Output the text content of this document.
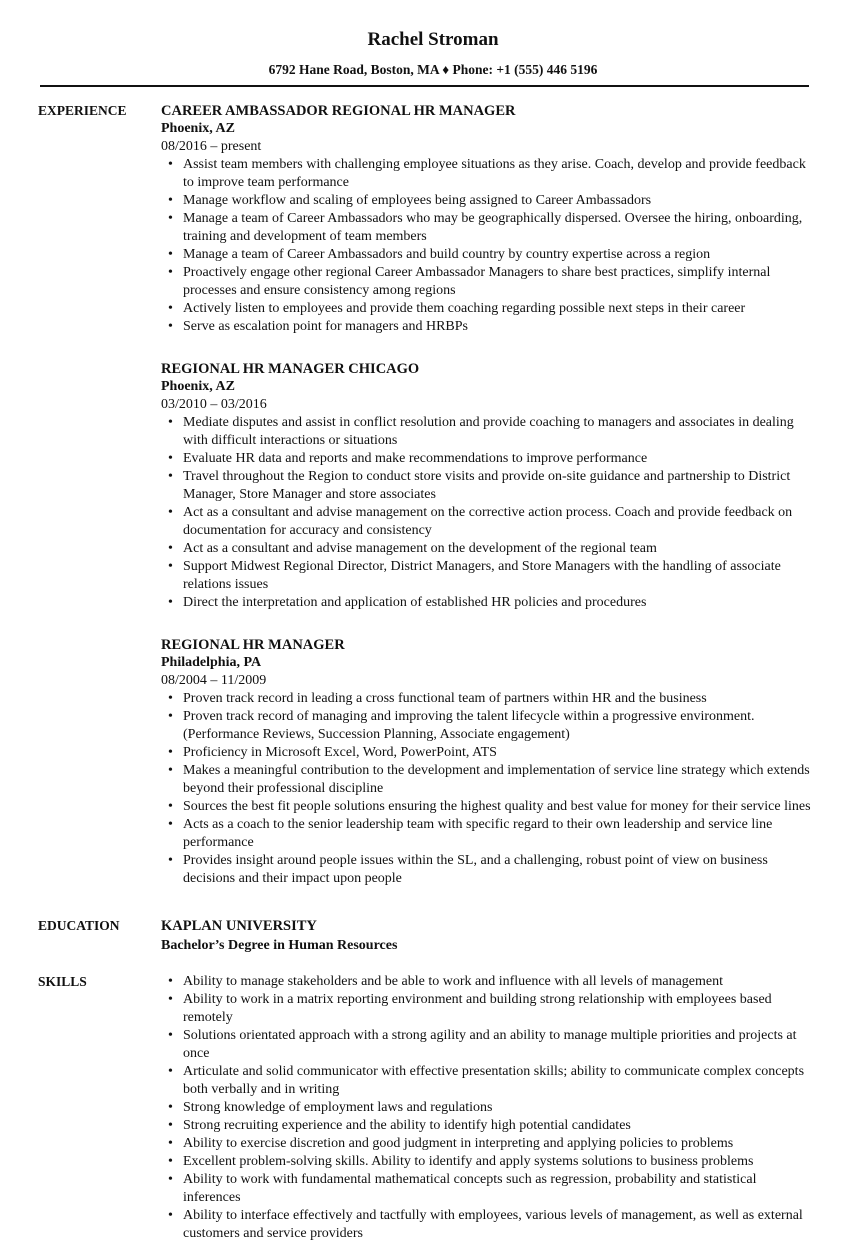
Rachel Stroman
6792 Hane Road, Boston, MA ♦ Phone: +1 (555) 446 5196
EXPERIENCE	CAREER AMBASSADOR REGIONAL HR MANAGER
Phoenix, AZ
08/2016 – present
• Assist team members with challenging employee situations as they arise. Coach, develop and provide feedback to improve team performance
• Manage workflow and scaling of employees being assigned to Career Ambassadors
• Manage a team of Career Ambassadors who may be geographically dispersed. Oversee the hiring, onboarding, training and development of team members
• Manage a team of Career Ambassadors and build country by country expertise across a region
• Proactively engage other regional Career Ambassador Managers to share best practices, simplify internal processes and ensure consistency among regions
• Actively listen to employees and provide them coaching regarding possible next steps in their career
• Serve as escalation point for managers and HRBPs
REGIONAL HR MANAGER CHICAGO
Phoenix, AZ
03/2010 – 03/2016
• Mediate disputes and assist in conflict resolution and provide coaching to managers and associates in dealing with difficult interactions or situations
• Evaluate HR data and reports and make recommendations to improve performance
• Travel throughout the Region to conduct store visits and provide on-site guidance and partnership to District Manager, Store Manager and store associates
• Act as a consultant and advise management on the corrective action process. Coach and provide feedback on documentation for accuracy and consistency
• Act as a consultant and advise management on the development of the regional team
• Support Midwest Regional Director, District Managers, and Store Managers with the handling of associate relations issues
• Direct the interpretation and application of established HR policies and procedures
REGIONAL HR MANAGER
Philadelphia, PA
08/2004 – 11/2009
• Proven track record in leading a cross functional team of partners within HR and the business
• Proven track record of managing and improving the talent lifecycle within a progressive environment. (Performance Reviews, Succession Planning, Associate engagement)
• Proficiency in Microsoft Excel, Word, PowerPoint, ATS
• Makes a meaningful contribution to the development and implementation of service line strategy which extends beyond their professional discipline
• Sources the best fit people solutions ensuring the highest quality and best value for money for their service lines
• Acts as a coach to the senior leadership team with specific regard to their own leadership and service line performance
• Provides insight around people issues within the SL, and a challenging, robust point of view on business decisions and their impact upon people
EDUCATION	KAPLAN UNIVERSITY
Bachelor’s Degree in Human Resources
SKILLS
•	Ability to manage stakeholders and be able to work and influence with all levels of management
• Ability to work in a matrix reporting environment and building strong relationship with employees based remotely
• Solutions orientated approach with a strong agility and an ability to manage multiple priorities and projects at once
• Articulate and solid communicator with effective presentation skills; ability to communicate complex concepts both verbally and in writing
• Strong knowledge of employment laws and regulations
• Strong recruiting experience and the ability to identify high potential candidates
• Ability to exercise discretion and good judgment in interpreting and applying policies to problems
• Excellent problem-solving skills. Ability to identify and apply systems solutions to business problems
• Ability to work with fundamental mathematical concepts such as regression, probability and statistical inferences
• Ability to interface effectively and tactfully with employees, various levels of management, as well as external customers and service providers
